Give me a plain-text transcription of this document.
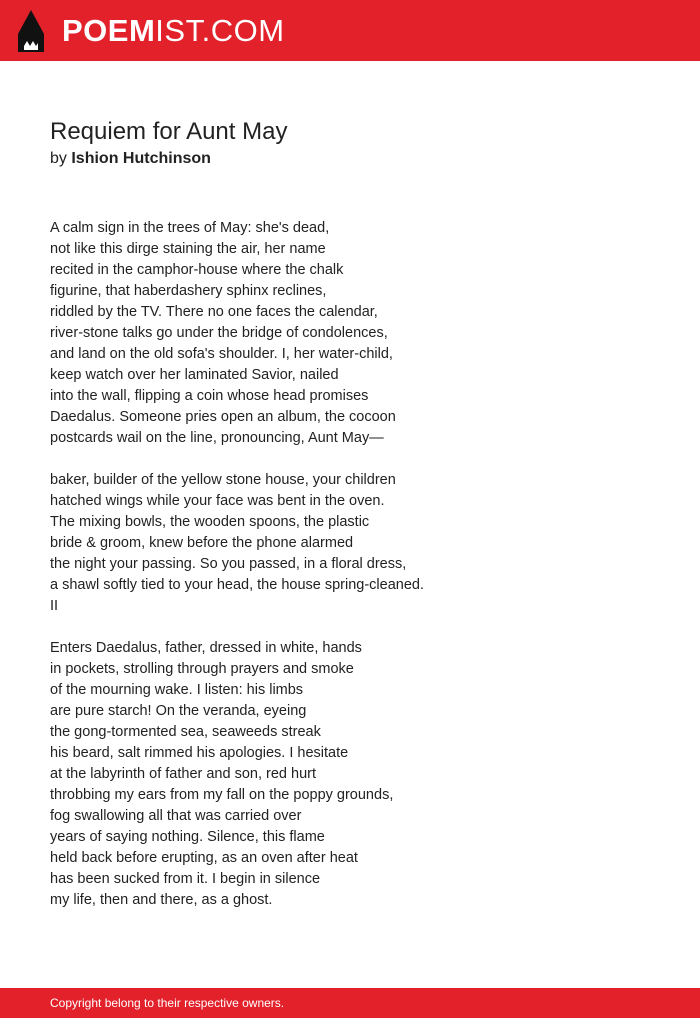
POEMIST.COM
Requiem for Aunt May
by Ishion Hutchinson
A calm sign in the trees of May: she's dead,
not like this dirge staining the air, her name
recited in the camphor-house where the chalk
figurine, that haberdashery sphinx reclines,
riddled by the TV. There no one faces the calendar,
river-stone talks go under the bridge of condolences,
and land on the old sofa's shoulder. I, her water-child,
keep watch over her laminated Savior, nailed
into the wall, flipping a coin whose head promises
Daedalus. Someone pries open an album, the cocoon
postcards wail on the line, pronouncing, Aunt May—
baker, builder of the yellow stone house, your children
hatched wings while your face was bent in the oven.
The mixing bowls, the wooden spoons, the plastic
bride & groom, knew before the phone alarmed
the night your passing. So you passed, in a floral dress,
a shawl softly tied to your head, the house spring-cleaned.
II
Enters Daedalus, father, dressed in white, hands
in pockets, strolling through prayers and smoke
of the mourning wake. I listen: his limbs
are pure starch! On the veranda, eyeing
the gong-tormented sea, seaweeds streak
his beard, salt rimmed his apologies. I hesitate
at the labyrinth of father and son, red hurt
throbbing my ears from my fall on the poppy grounds,
fog swallowing all that was carried over
years of saying nothing. Silence, this flame
held back before erupting, as an oven after heat
has been sucked from it. I begin in silence
my life, then and there, as a ghost.
Copyright belong to their respective owners.
